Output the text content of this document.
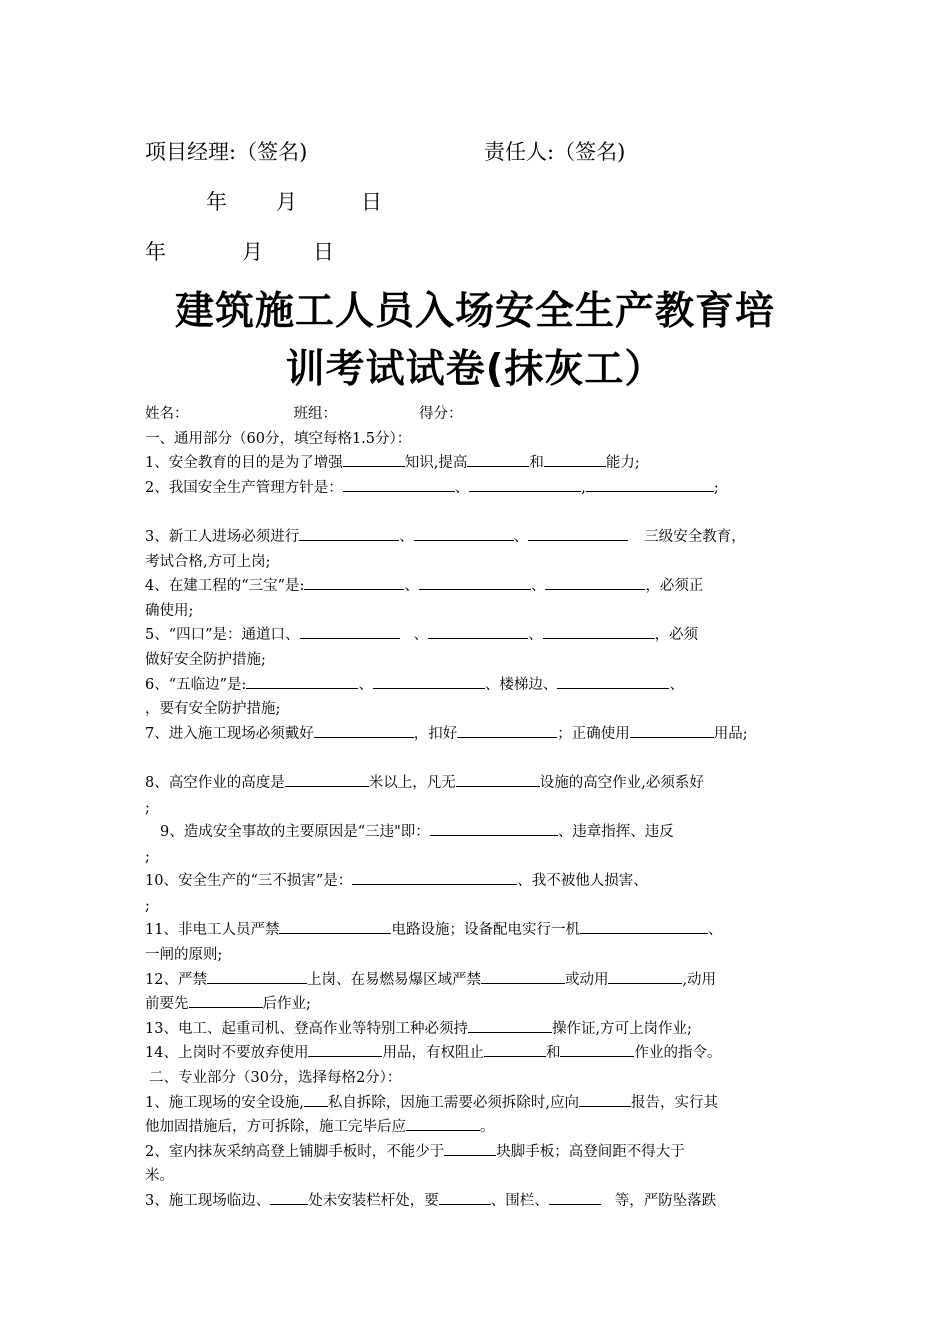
项目经理:（签名)	责任人:（签名)
年 月	日
年	月 日
建筑施工人员入场安全生产教育培
训考试试卷(抹灰工）
姓名：	班组：	得分：
一、通用部分（60分，填空每格1.5分）：
1、安全教育的目的是为了增强	知识,提高	和	能力;
2、我国安全生产管理方针是：	、	,	;
3、新工人进场必须进行	、	、	三级安全教育，
考试合格,方可上岗;
4、在建工程的“三宝”是:	、	、	，必须正
确使用;
5、“四口”是：通道口、	、	、	，必须
做好安全防护措施;
6、“五临边”是:	、	、楼梯边、	、
，要有安全防护措施;
7、进入施工现场必须戴好	，扣好	；正确使用	用品;
8、高空作业的高度是	米以上，凡无	设施的高空作业,必须系好
;
9、造成安全事故的主要原因是“三违"即：	、违章指挥、违反
;
10、安全生产的“三不损害”是：	、我不被他人损害、
;
11、非电工人员严禁	电路设施；设备配电实行一机	、
一闸的原则;
12、严禁	上岗、在易燃易爆区域严禁	或动用	,动用
前要先	后作业;
13、电工、起重司机、登高作业等特别工种必须持	操作证,方可上岗作业;
14、上岗时不要放弃使用	用品，有权阻止	和	作业的指令。
二、专业部分（30分，选择每格2分）：
1、施工现场的安全设施, 私自拆除，因施工需要必须拆除时,应向	报告，实行其
他加固措施后，方可拆除，施工完毕后应	。
2、室内抹灰采纳高登上铺脚手板时，不能少于	块脚手板；高登间距不得大于
米。
3、施工现场临边、	处未安装栏杆处，要	、围栏、	等，严防坠落跌
